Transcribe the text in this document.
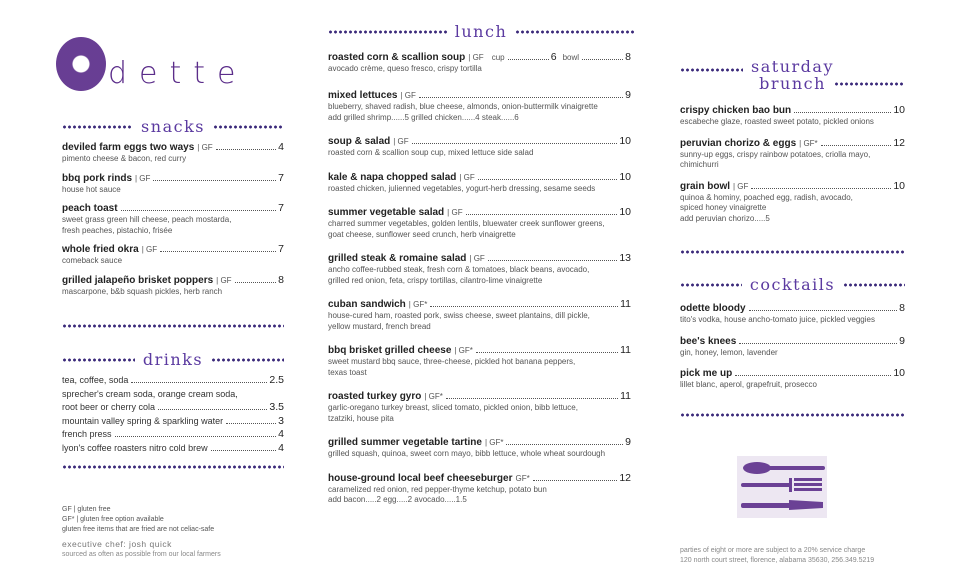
dette
snacks
deviled farm eggs two ways | GF	4
pimento cheese & bacon, red curry
bbq pork rinds | GF	7
house hot sauce
peach toast	7
sweet grass green hill cheese, peach mostarda,
fresh peaches, pistachio, frisée
whole fried okra | GF	7
comeback sauce
grilled jalapeño brisket poppers | GF	8
mascarpone, b&b squash pickles, herb ranch
drinks
tea, coffee, soda	2.5
sprecher's cream soda, orange cream soda,
root beer or cherry cola	3.5
mountain valley spring & sparkling water	3
french press	4
lyon's coffee roasters nitro cold brew	4
GF | gluten free
GF* | gluten free option available
gluten free items that are fried are not celiac-safe
executive chef: josh quick
sourced as often as possible from our local farmers
lunch
roasted corn & scallion soup | GF cup	6 bowl	8
avocado crème, queso fresco, crispy tortilla
mixed lettuces | GF	9
blueberry, shaved radish, blue cheese, almonds, onion-buttermilk vinaigrette
add grilled shrimp......5 grilled chicken......4 steak......6
soup & salad | GF	10
roasted corn & scallion soup cup, mixed lettuce side salad
kale & napa chopped salad | GF	10
roasted chicken, julienned vegetables, yogurt-herb dressing, sesame seeds
summer vegetable salad | GF	10
charred summer vegetables, golden lentils, bluewater creek sunflower greens,
goat cheese, sunflower seed crunch, herb vinaigrette
grilled steak & romaine salad | GF	13
ancho coffee-rubbed steak, fresh corn & tomatoes, black beans, avocado,
grilled red onion, feta, crispy tortillas, cilantro-lime vinaigrette
cuban sandwich | GF*	11
house-cured ham, roasted pork, swiss cheese, sweet plantains, dill pickle,
yellow mustard, french bread
bbq brisket grilled cheese | GF*	11
sweet mustard bbq sauce, three-cheese, pickled hot banana peppers,
texas toast
roasted turkey gyro | GF*	11
garlic-oregano turkey breast, sliced tomato, pickled onion, bibb lettuce,
tzatziki, house pita
grilled summer vegetable tartine | GF*	9
grilled squash, quinoa, sweet corn mayo, bibb lettuce, whole wheat sourdough
house-ground local beef cheeseburger GF*	12
caramelized red onion, red pepper-thyme ketchup, potato bun
add bacon.....2 egg.....2 avocado.....1.5
saturday
brunch
crispy chicken bao bun	10
escabeche glaze, roasted sweet potato, pickled onions
peruvian chorizo & eggs | GF*	12
sunny-up eggs, crispy rainbow potatoes, criolla mayo,
chimichurri
grain bowl | GF	10
quinoa & hominy, poached egg, radish, avocado,
spiced honey vinaigrette
add peruvian chorizo.....5
cocktails
odette bloody	8
tito's vodka, house ancho-tomato juice, pickled veggies
bee's knees	9
gin, honey, lemon, lavender
pick me up	10
lillet blanc, aperol, grapefruit, prosecco
parties of eight or more are subject to a 20% service charge
120 north court street, florence, alabama 35630, 256.349.5219
